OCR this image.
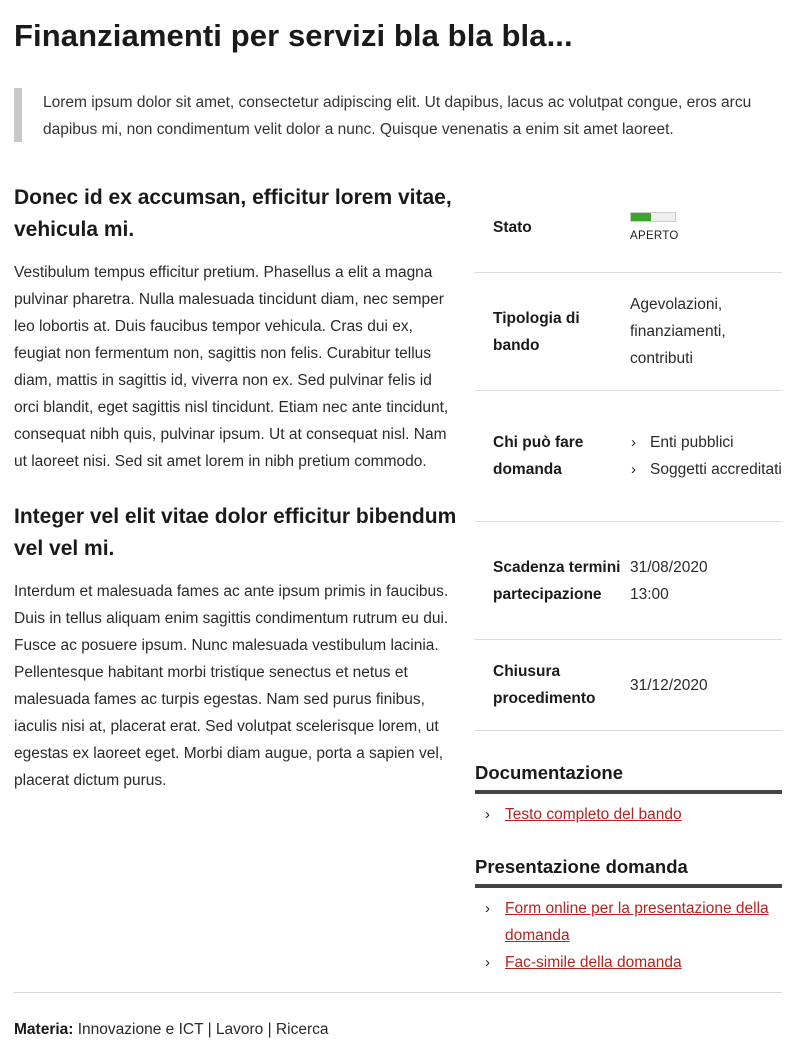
Finanziamenti per servizi bla bla bla...
Lorem ipsum dolor sit amet, consectetur adipiscing elit. Ut dapibus, lacus ac volutpat congue, eros arcu dapibus mi, non condimentum velit dolor a nunc. Quisque venenatis a enim sit amet laoreet.
Donec id ex accumsan, efficitur lorem vitae, vehicula mi.

Vestibulum tempus efficitur pretium. Phasellus a elit a magna pulvinar pharetra. Nulla malesuada tincidunt diam, nec semper leo lobortis at. Duis faucibus tempor vehicula. Cras dui ex, feugiat non fermentum non, sagittis non felis. Curabitur tellus diam, mattis in sagittis id, viverra non ex. Sed pulvinar felis id orci blandit, eget sagittis nisl tincidunt. Etiam nec ante tincidunt, consequat nibh quis, pulvinar ipsum. Ut at consequat nisl. Nam ut laoreet nisi. Sed sit amet lorem in nibh pretium commodo.

Integer vel elit vitae dolor efficitur bibendum vel vel mi.

Interdum et malesuada fames ac ante ipsum primis in faucibus. Duis in tellus aliquam enim sagittis condimentum rutrum eu dui. Fusce ac posuere ipsum. Nunc malesuada vestibulum lacinia. Pellentesque habitant morbi tristique senectus et netus et malesuada fames ac turpis egestas. Nam sed purus finibus, iaculis nisi at, placerat erat. Sed volutpat scelerisque lorem, ut egestas ex laoreet eget. Morbi diam augue, porta a sapien vel, placerat dictum purus.

Stato
APERTO
Tipologia di bando
Agevolazioni, finanziamenti, contributi
Chi può fare domanda
› Enti pubblici
› Soggetti accreditati
Scadenza termini partecipazione
31/08/2020
13:00
Chiusura procedimento
31/12/2020
Documentazione
› Testo completo del bando
Presentazione domanda
› Form online per la presentazione della domanda
› Fac-simile della domanda
Materia: Innovazione e ICT | Lavoro | Ricerca
